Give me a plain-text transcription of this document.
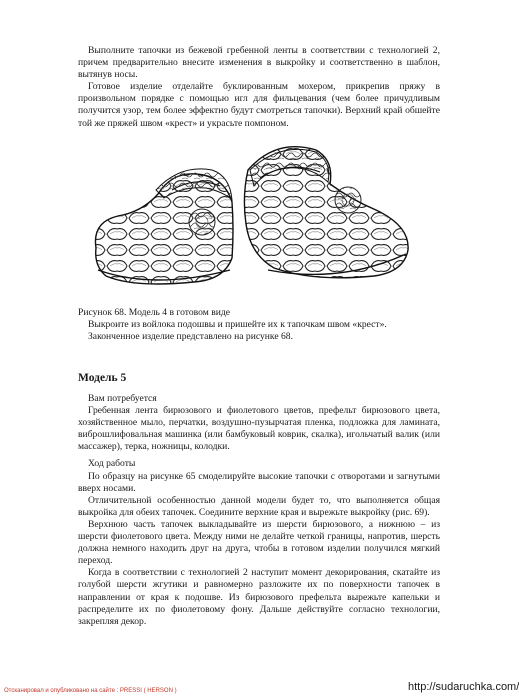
Выполните тапочки из бежевой гребенной ленты в соответствии с технологией 2, причем предварительно внесите изменения в выкройку и соответственно в шаблон, вытянув носы.

Готовое изделие отделайте буклированным мохером, прикрепив пряжу в произвольном порядке с помощью игл для фильцевания (чем более причудливым получится узор, тем более эффектно будут смотреться тапочки). Верхний край обшейте той же пряжей швом «крест» и украсьте помпоном.

Рисунок 68. Модель 4 в готовом виде

Выкроите из войлока подошвы и пришейте их к тапочкам швом «крест».

Законченное изделие представлено на рисунке 68.

Модель 5

Вам потребуется

Гребенная лента бирюзового и фиолетового цветов, префельт бирюзового цвета, хозяйственное мыло, перчатки, воздушно-пузырчатая пленка, подложка для ламината, виброшлифовальная машинка (или бамбуковый коврик, скалка), игольчатый валик (или массажер), терка, ножницы, колодки.

Ход работы

По образцу на рисунке 65 смоделируйте высокие тапочки с отворотами и загнутыми вверх носами.

Отличительной особенностью данной модели будет то, что выполняется общая выкройка для обеих тапочек. Соедините верхние края и вырежьте выкройку (рис. 69).

Верхнюю часть тапочек выкладывайте из шерсти бирюзового, а нижнюю – из шерсти фиолетового цвета. Между ними не делайте четкой границы, напротив, шерсть должна немного находить друг на друга, чтобы в готовом изделии получился мягкий переход.

Когда в соответствии с технологией 2 наступит момент декорирования, скатайте из голубой шерсти жгутики и равномерно разложите их по поверхности тапочек в направлении от края к подошве. Из бирюзового префельта вырежьте капельки и распределите их по фиолетовому фону. Дальше действуйте согласно технологии, закрепляя декор.

Отсканировал и опубликовано на сайте : PRESSI ( HERSON )	http://sudaruchka.com/
